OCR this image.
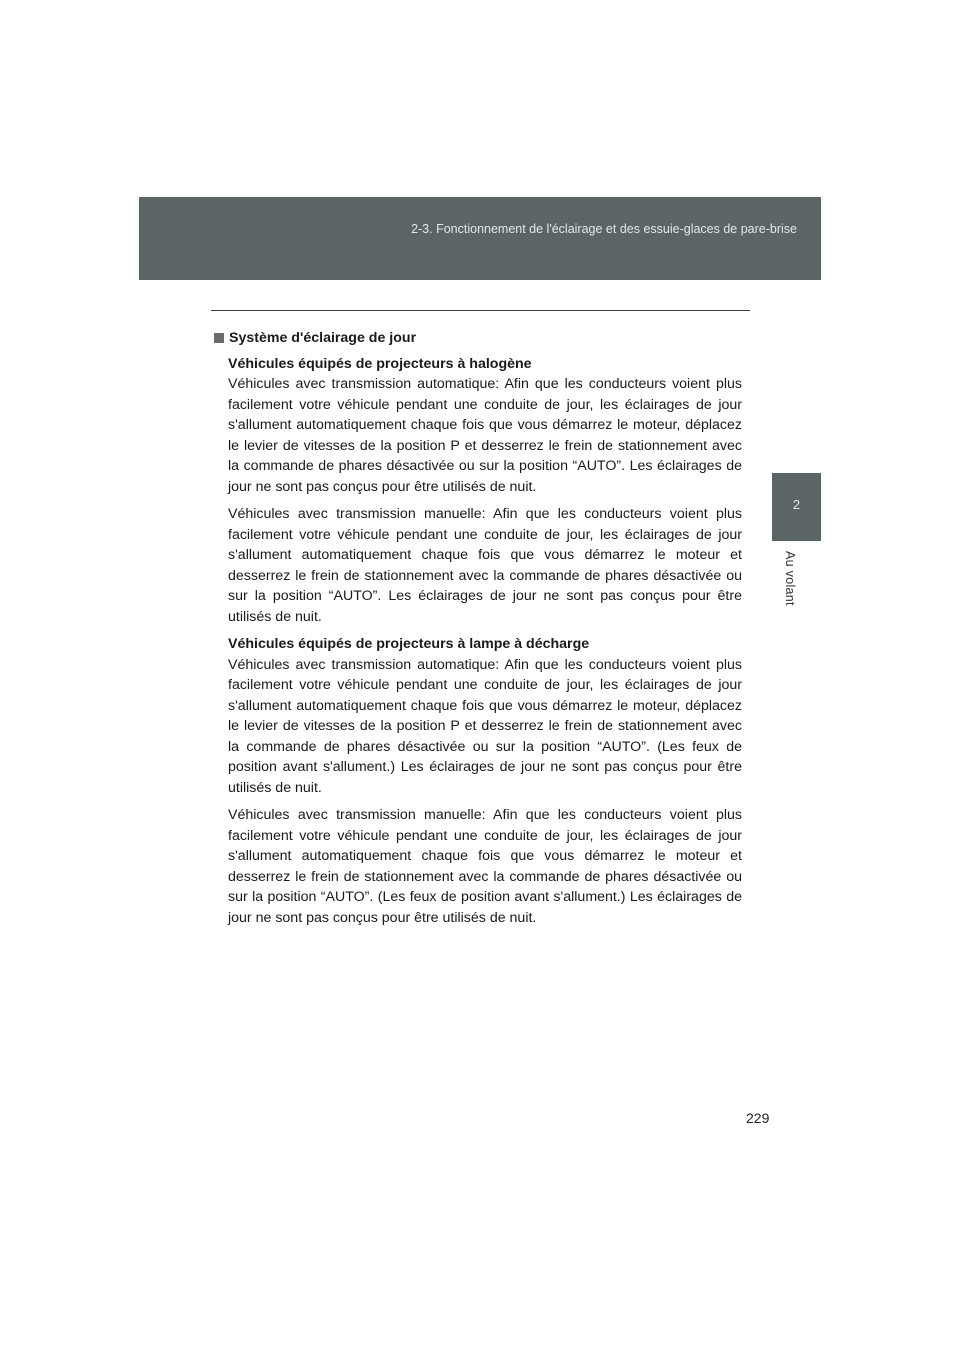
2-3. Fonctionnement de l'éclairage et des essuie-glaces de pare-brise
2
Au volant
Système d'éclairage de jour

Véhicules équipés de projecteurs à halogène

Véhicules avec transmission automatique: Afin que les conducteurs voient plus facilement votre véhicule pendant une conduite de jour, les éclairages de jour s'allument automatiquement chaque fois que vous démarrez le moteur, déplacez le levier de vitesses de la position P et desserrez le frein de stationnement avec la commande de phares désactivée ou sur la position “AUTO”. Les éclairages de jour ne sont pas conçus pour être utilisés de nuit.

Véhicules avec transmission manuelle: Afin que les conducteurs voient plus facilement votre véhicule pendant une conduite de jour, les éclairages de jour s'allument automatiquement chaque fois que vous démarrez le moteur et desserrez le frein de stationnement avec la commande de phares désactivée ou sur la position “AUTO”. Les éclairages de jour ne sont pas conçus pour être utilisés de nuit.

Véhicules équipés de projecteurs à lampe à décharge

Véhicules avec transmission automatique: Afin que les conducteurs voient plus facilement votre véhicule pendant une conduite de jour, les éclairages de jour s'allument automatiquement chaque fois que vous démarrez le moteur, déplacez le levier de vitesses de la position P et desserrez le frein de stationnement avec la commande de phares désactivée ou sur la position “AUTO”. (Les feux de position avant s'allument.) Les éclairages de jour ne sont pas conçus pour être utilisés de nuit.

Véhicules avec transmission manuelle: Afin que les conducteurs voient plus facilement votre véhicule pendant une conduite de jour, les éclairages de jour s'allument automatiquement chaque fois que vous démarrez le moteur et desserrez le frein de stationnement avec la commande de phares désactivée ou sur la position “AUTO”. (Les feux de position avant s'allument.) Les éclairages de jour ne sont pas conçus pour être utilisés de nuit.

229
